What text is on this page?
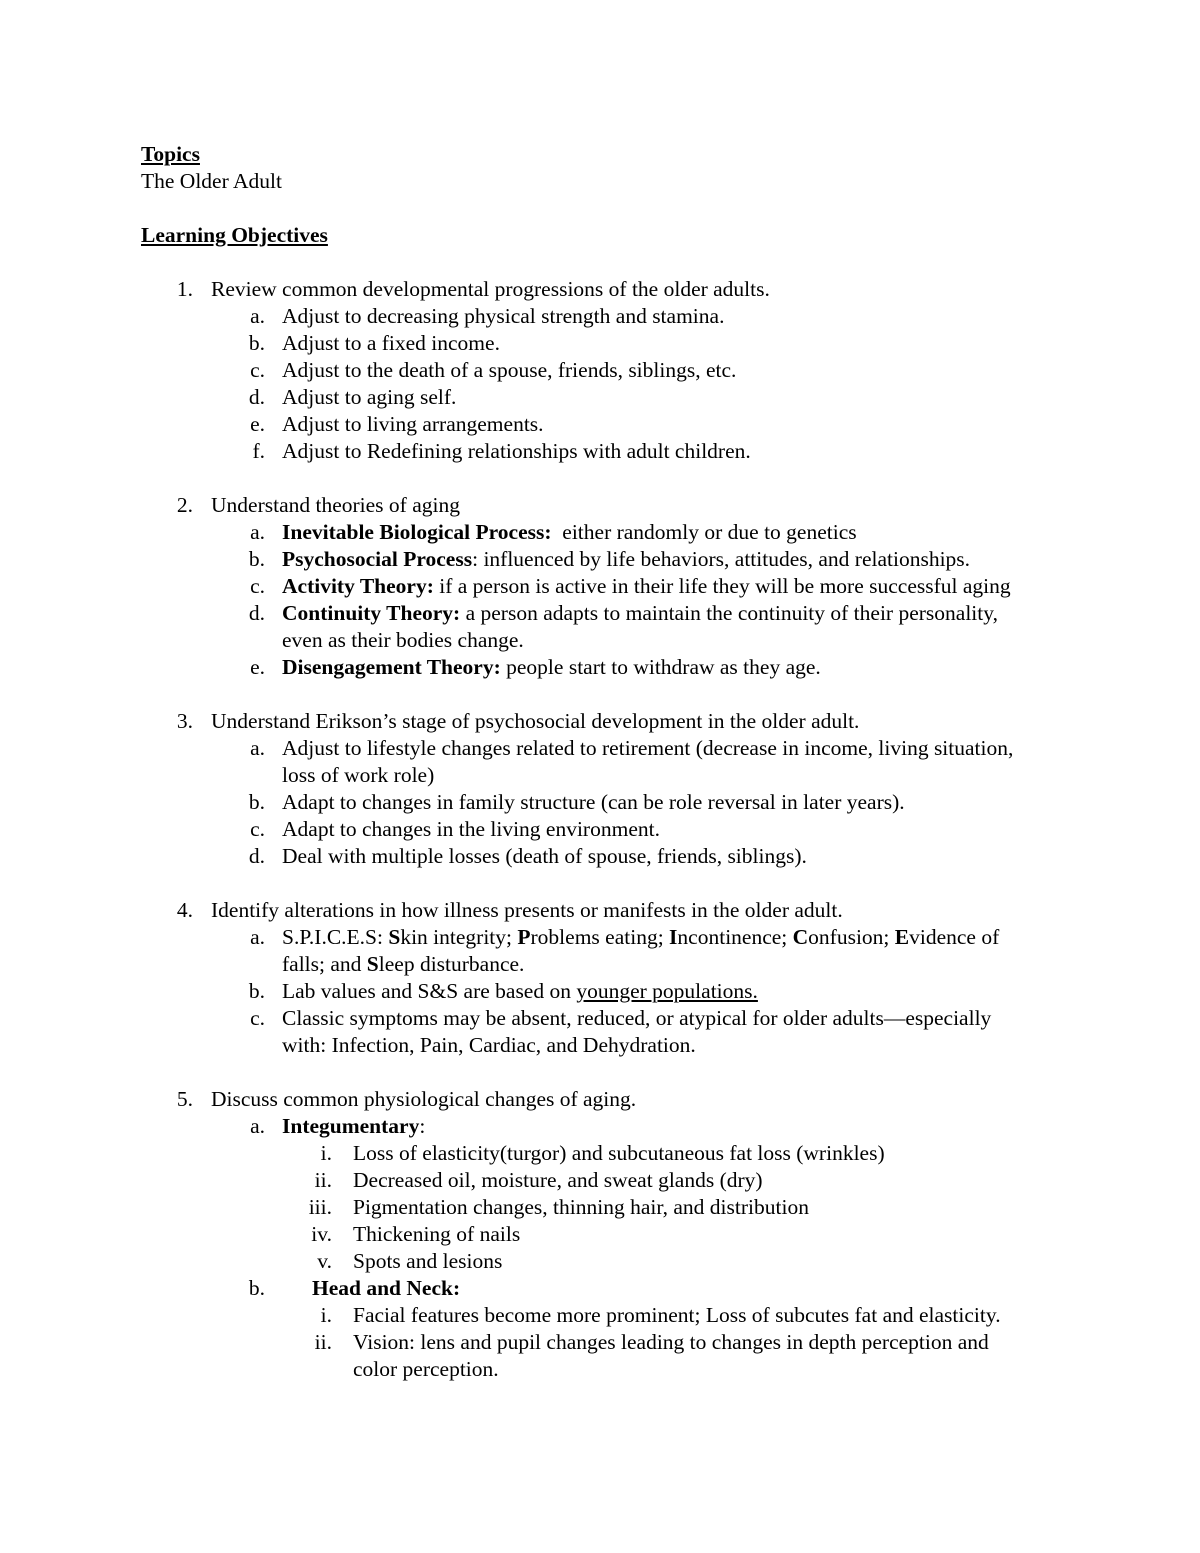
Topics
The Older Adult
Learning Objectives
1. Review common developmental progressions of the older adults.
a. Adjust to decreasing physical strength and stamina.
b. Adjust to a fixed income.
c. Adjust to the death of a spouse, friends, siblings, etc.
d. Adjust to aging self.
e. Adjust to living arrangements.
f. Adjust to Redefining relationships with adult children.
2. Understand theories of aging
a. Inevitable Biological Process:  either randomly or due to genetics
b. Psychosocial Process: influenced by life behaviors, attitudes, and relationships.
c. Activity Theory: if a person is active in their life they will be more successful aging
d. Continuity Theory: a person adapts to maintain the continuity of their personality,
even as their bodies change.
e. Disengagement Theory: people start to withdraw as they age.
3. Understand Erikson’s stage of psychosocial development in the older adult.
a. Adjust to lifestyle changes related to retirement (decrease in income, living situation,
loss of work role)
b. Adapt to changes in family structure (can be role reversal in later years).
c. Adapt to changes in the living environment.
d. Deal with multiple losses (death of spouse, friends, siblings).
4. Identify alterations in how illness presents or manifests in the older adult.
a. S.P.I.C.E.S: Skin integrity; Problems eating; Incontinence; Confusion; Evidence of
falls; and Sleep disturbance.
b. Lab values and S&S are based on younger populations.
c. Classic symptoms may be absent, reduced, or atypical for older adults—especially
with: Infection, Pain, Cardiac, and Dehydration.
5. Discuss common physiological changes of aging.
a. Integumentary:
i. Loss of elasticity(turgor) and subcutaneous fat loss (wrinkles)
ii. Decreased oil, moisture, and sweat glands (dry)
iii. Pigmentation changes, thinning hair, and distribution
iv. Thickening of nails
v. Spots and lesions
b. Head and Neck:
i. Facial features become more prominent; Loss of subcutes fat and elasticity.
ii. Vision: lens and pupil changes leading to changes in depth perception and
color perception.
